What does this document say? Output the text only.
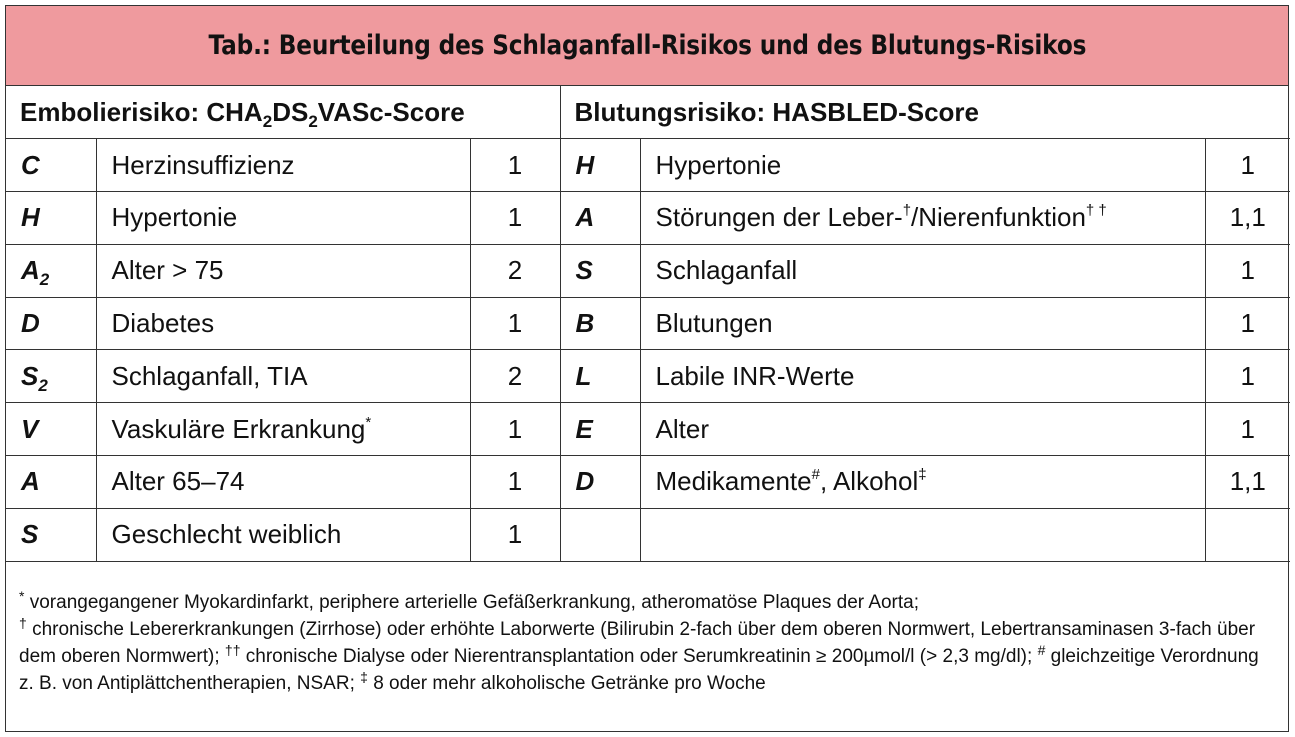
Tab.: Beurteilung des Schlaganfall-Risikos und des Blutungs-Risikos
Embolierisiko: $CHA_2DS_2VASc$-Score			Blutungsrisiko: HASBLED-Score		
C	Herzinsuffizienz	1	H	Hypertonie	1
H	Hypertonie	1	A	Störungen der Leber-†/Nierenfunktion† †	1,1
$A_2$	Alter > 75	2	S	Schlaganfall	1
D	Diabetes	1	B	Blutungen	1
$S_2$	Schlaganfall, TIA	2	L	Labile INR-Werte	1
V	Vaskuläre Erkrankung*	1	E	Alter	1
A	Alter 65–74	1	D	Medikamente#, Alkohol‡	1,1
S	Geschlecht weiblich	1			

* vorangegangener Myokardinfarkt, periphere arterielle Gefäßerkrankung, atheromatöse Plaques der Aorta;
† chronische Lebererkrankungen (Zirrhose) oder erhöhte Laborwerte (Bilirubin 2-fach über dem oberen Normwert, Lebertransaminasen 3-fach über dem oberen Normwert); †† chronische Dialyse oder Nierentransplantation oder Serumkreatinin ≥ 200µmol/l (> 2,3 mg/dl); # gleichzeitige Verordnung z. B. von Antiplättchentherapien, NSAR; ‡ 8 oder mehr alkoholische Getränke pro Woche
